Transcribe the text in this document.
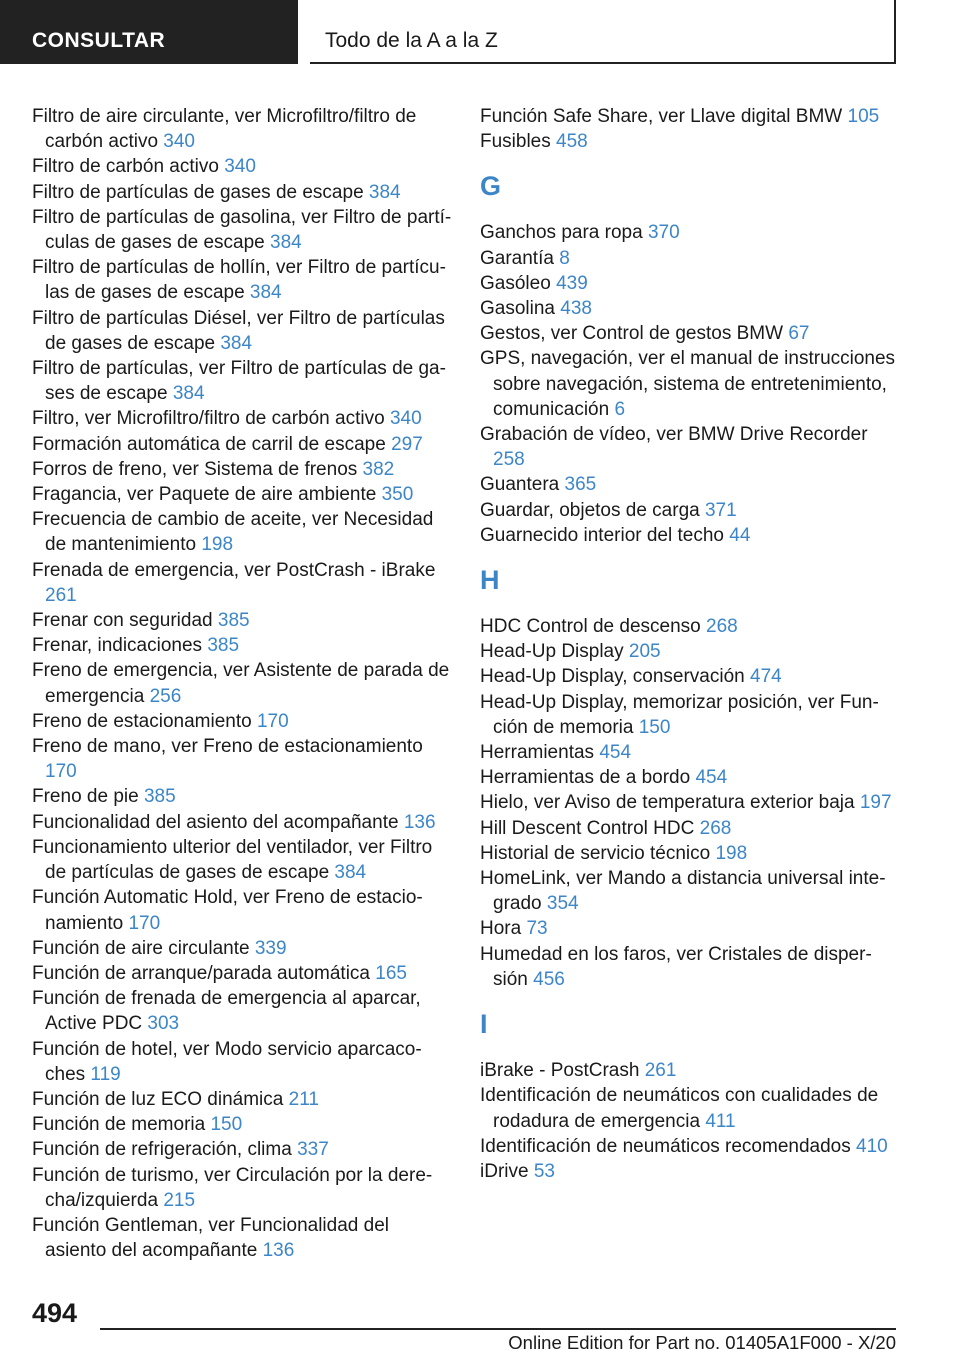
CONSULTAR	Todo de la A a la Z
Filtro de aire circulante, ver Microfiltro/filtro de carbón activo 340
Filtro de carbón activo 340
Filtro de partículas de gases de escape 384
Filtro de partículas de gasolina, ver Filtro de partículas de gases de escape 384
Filtro de partículas de hollín, ver Filtro de partículas de gases de escape 384
Filtro de partículas Diésel, ver Filtro de partículas de gases de escape 384
Filtro de partículas, ver Filtro de partículas de gases de escape 384
Filtro, ver Microfiltro/filtro de carbón activo 340
Formación automática de carril de escape 297
Forros de freno, ver Sistema de frenos 382
Fragancia, ver Paquete de aire ambiente 350
Frecuencia de cambio de aceite, ver Necesidad de mantenimiento 198
Frenada de emergencia, ver PostCrash - iBrake 261
Frenar con seguridad 385
Frenar, indicaciones 385
Freno de emergencia, ver Asistente de parada de emergencia 256
Freno de estacionamiento 170
Freno de mano, ver Freno de estacionamiento 170
Freno de pie 385
Funcionalidad del asiento del acompañante 136
Funcionamiento ulterior del ventilador, ver Filtro de partículas de gases de escape 384
Función Automatic Hold, ver Freno de estacionamiento 170
Función de aire circulante 339
Función de arranque/parada automática 165
Función de frenada de emergencia al aparcar, Active PDC 303
Función de hotel, ver Modo servicio aparcacoches 119
Función de luz ECO dinámica 211
Función de memoria 150
Función de refrigeración, clima 337
Función de turismo, ver Circulación por la derecha/izquierda 215
Función Gentleman, ver Funcionalidad del asiento del acompañante 136
Función Safe Share, ver Llave digital BMW 105
Fusibles 458
G
Ganchos para ropa 370
Garantía 8
Gasóleo 439
Gasolina 438
Gestos, ver Control de gestos BMW 67
GPS, navegación, ver el manual de instrucciones sobre navegación, sistema de entretenimiento, comunicación 6
Grabación de vídeo, ver BMW Drive Recorder 258
Guantera 365
Guardar, objetos de carga 371
Guarnecido interior del techo 44
H
HDC Control de descenso 268
Head-Up Display 205
Head-Up Display, conservación 474
Head-Up Display, memorizar posición, ver Función de memoria 150
Herramientas 454
Herramientas de a bordo 454
Hielo, ver Aviso de temperatura exterior baja 197
Hill Descent Control HDC 268
Historial de servicio técnico 198
HomeLink, ver Mando a distancia universal integrado 354
Hora 73
Humedad en los faros, ver Cristales de dispersión 456
I
iBrake - PostCrash 261
Identificación de neumáticos con cualidades de rodadura de emergencia 411
Identificación de neumáticos recomendados 410
iDrive 53
494
Online Edition for Part no. 01405A1F000 - X/20
